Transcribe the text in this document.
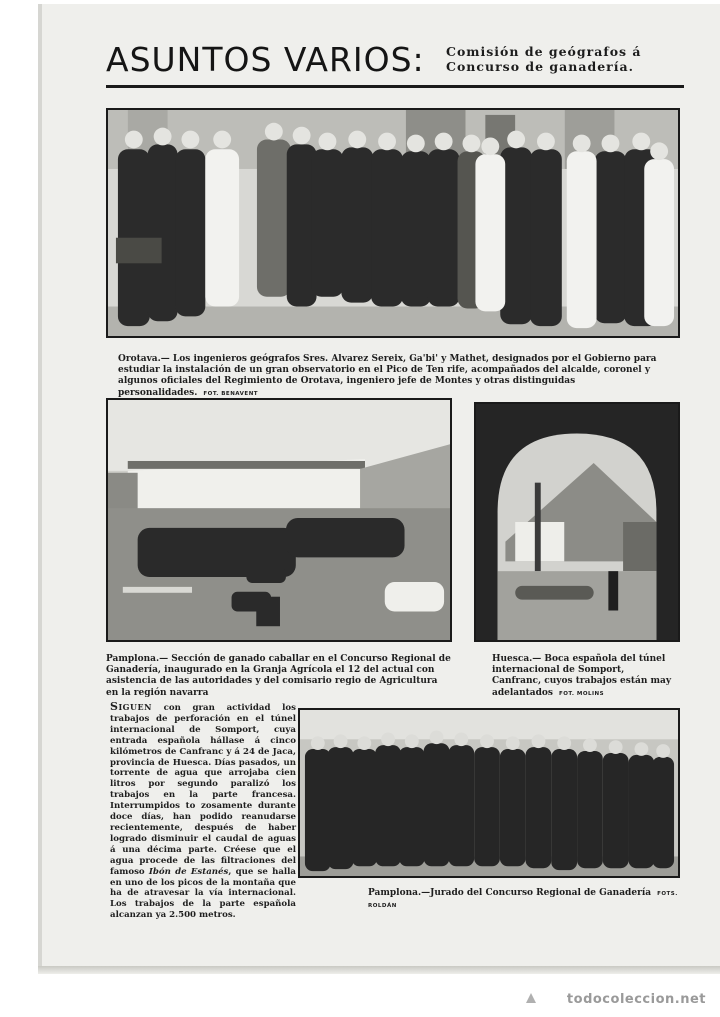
ASUNTOS VARIOS: Comisión de geógrafos á
Concurso de ganadería.
Orotava.— Los ingenieros geógrafos Sres. Alvarez Sereix, Ga'bi' y Mathet, designados por el Gobierno para estudiar la instalación de un gran observatorio en el Pico de Ten rife, acompañados del alcalde, coronel y algunos oficiales del Regimiento de Orotava, ingeniero jefe de Montes y otras distinguidas personalidades. FOT. BENAVENT
Pamplona.— Sección de ganado caballar en el Concurso Regional de Ganadería, inaugurado en la Granja Agrícola el 12 del actual con asistencia de las autoridades y del comisario regio de Agricultura en la región navarra
Huesca.— Boca española del túnel internacional de Somport, Canfranc, cuyos trabajos están may adelantados FOT. MOLINS
Siguen con gran actividad los trabajos de perforación en el túnel internacional de Somport, cuya entrada española hállase á cinco kilómetros de Canfranc y á 24 de Jaca, provincia de Huesca. Días pasados, un torrente de agua que arrojaba cien litros por segundo paralizó los trabajos en la parte francesa. Interrumpidos to zosamente durante doce días, han podido reanudarse recientemente, después de haber logrado disminuir el caudal de aguas á una décima parte. Créese que el agua procede de las filtraciones del famoso Ibón de Estanés, que se halla en uno de los picos de la montaña que ha de atravesar la vía internacional. Los trabajos de la parte española alcanzan ya 2.500 metros.
Pamplona.—Jurado del Concurso Regional de Ganadería FOTS. ROLDÁN
todocoleccion.net
